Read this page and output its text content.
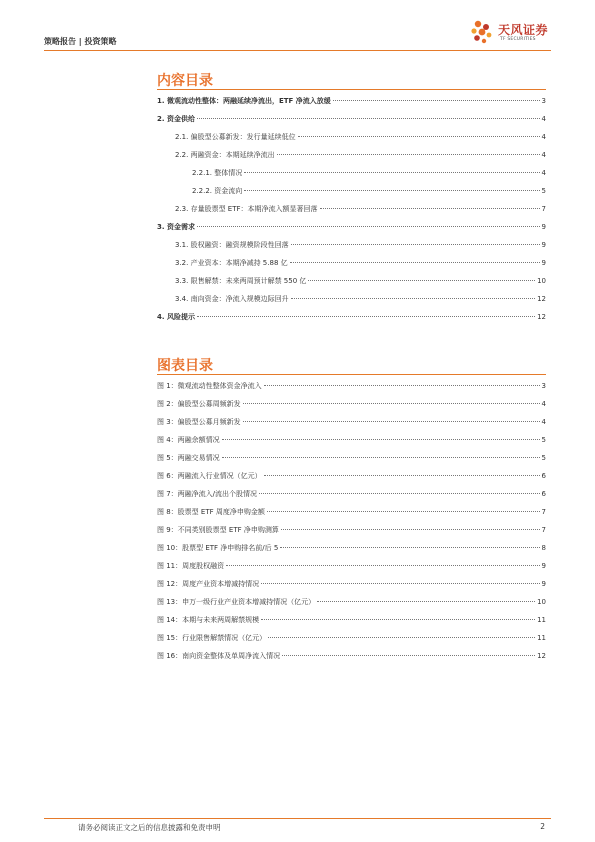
策略报告 | 投资策略
天风证券
TF SECURITIES
内容目录
1. 微观流动性整体：两融延续净流出，ETF 净流入放缓	3
2. 资金供给	4
2.1. 偏股型公募新发：发行量延续低位	4
2.2. 两融资金：本期延续净流出	4
2.2.1. 整体情况	4
2.2.2. 资金流向	5
2.3. 存量股票型 ETF：本期净流入额显著回落	7
3. 资金需求	9
3.1. 股权融资：融资规模阶段性回落	9
3.2. 产业资本：本期净减持 5.88 亿	9
3.3. 限售解禁：未来两周预计解禁 550 亿	10
3.4. 南向资金：净流入规模边际回升	12
4. 风险提示	12
图表目录
图 1：微观流动性整体资金净流入	3
图 2：偏股型公募周频新发	4
图 3：偏股型公募月频新发	4
图 4：两融余额情况	5
图 5：两融交易情况	5
图 6：两融流入行业情况（亿元）	6
图 7：两融净流入/流出个股情况	6
图 8：股票型 ETF 周度净申购金额	7
图 9：不同类别股票型 ETF 净申购测算	7
图 10：股票型 ETF 净申购排名前/后 5	8
图 11：周度股权融资	9
图 12：周度产业资本增减持情况	9
图 13：申万一级行业产业资本增减持情况（亿元）	10
图 14：本期与未来两周解禁规模	11
图 15：行业限售解禁情况（亿元）	11
图 16：南向资金整体及单周净流入情况	12
请务必阅读正文之后的信息披露和免责申明	2
